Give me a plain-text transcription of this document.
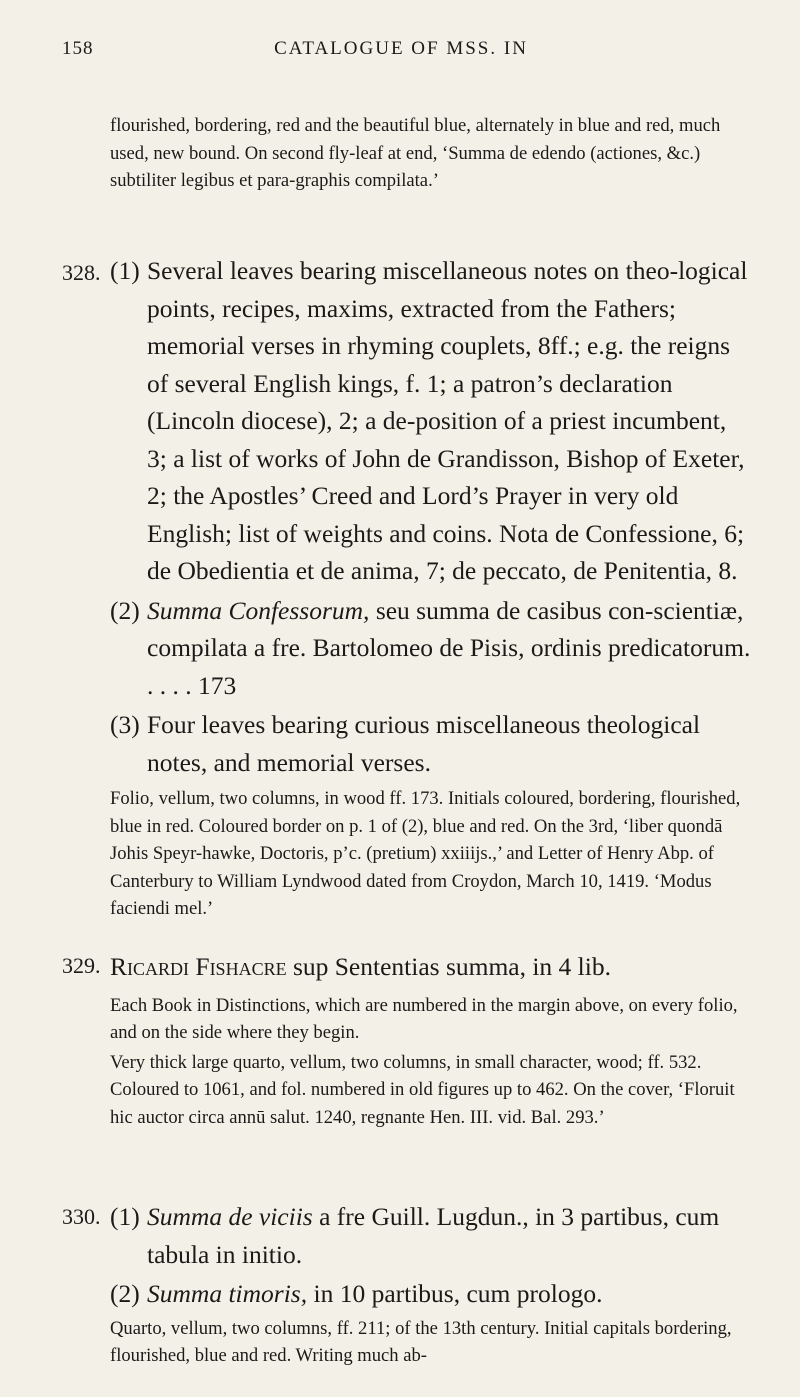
158	CATALOGUE OF MSS. IN

flourished, bordering, red and the beautiful blue, alternately in blue and red, much used, new bound. On second fly-leaf at end, ‘Summa de edendo (actiones, &c.) subtiliter legibus et para-graphis compilata.’

328. (1) Several leaves bearing miscellaneous notes on theo-logical points, recipes, maxims, extracted from the Fathers; memorial verses in rhyming couplets, 8ff.; e.g. the reigns of several English kings, f. 1; a patron’s declaration (Lincoln diocese), 2; a de-position of a priest incumbent, 3; a list of works of John de Grandisson, Bishop of Exeter, 2; the Apostles’ Creed and Lord’s Prayer in very old English; list of weights and coins. Nota de Confessione, 6; de Obedientia et de anima, 7; de peccato, de Penitentia, 8.

(2) Summa Confessorum, seu summa de casibus con-scientiæ, compilata a fre. Bartolomeo de Pisis, ordinis predicatorum. . . . . 173

(3) Four leaves bearing curious miscellaneous theological notes, and memorial verses.

Folio, vellum, two columns, in wood ff. 173. Initials coloured, bordering, flourished, blue in red. Coloured border on p. 1 of (2), blue and red. On the 3rd, ‘liber quondā Johis Speyr-hawke, Doctoris, p’c. (pretium) xxiiijs.,’ and Letter of Henry Abp. of Canterbury to William Lyndwood dated from Croydon, March 10, 1419. ‘Modus faciendi mel.’

329. Ricardi Fishacre sup Sententias summa, in 4 lib.

Each Book in Distinctions, which are numbered in the margin above, on every folio, and on the side where they begin.

Very thick large quarto, vellum, two columns, in small character, wood; ff. 532. Coloured to 1061, and fol. numbered in old figures up to 462. On the cover, ‘Floruit hic auctor circa annū salut. 1240, regnante Hen. III. vid. Bal. 293.’

330. (1) Summa de viciis a fre Guill. Lugdun., in 3 partibus, cum tabula in initio.

(2) Summa timoris, in 10 partibus, cum prologo.

Quarto, vellum, two columns, ff. 211; of the 13th century. Initial capitals bordering, flourished, blue and red. Writing much ab-
